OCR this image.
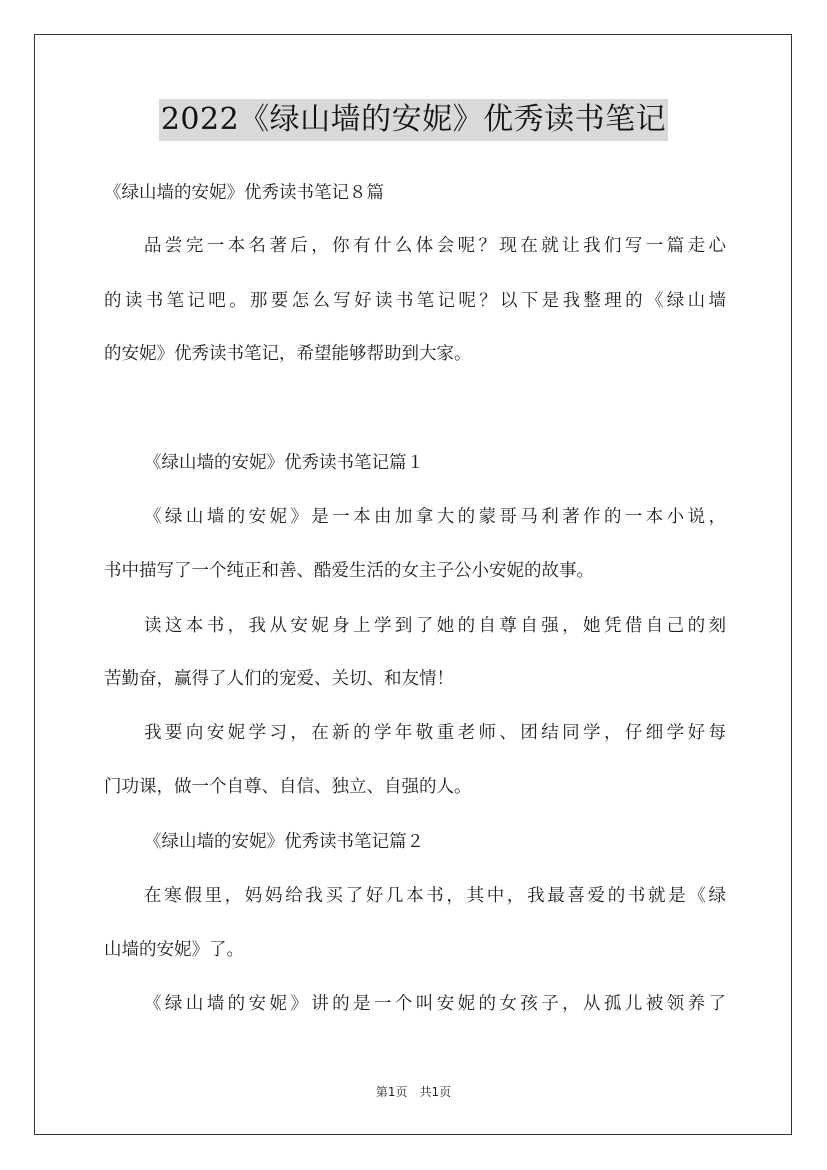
2022《绿山墙的安妮》优秀读书笔记
《绿山墙的安妮》优秀读书笔记８篇
品尝完一本名著后，你有什么体会呢？现在就让我们写一篇走心
的读书笔记吧。那要怎么写好读书笔记呢？以下是我整理的《绿山墙
的安妮》优秀读书笔记，希望能够帮助到大家。
《绿山墙的安妮》优秀读书笔记篇１
《绿山墙的安妮》是一本由加拿大的蒙哥马利著作的一本小说，
书中描写了一个纯正和善、酷爱生活的女主子公小安妮的故事。
读这本书，我从安妮身上学到了她的自尊自强，她凭借自己的刻
苦勤奋，赢得了人们的宠爱、关切、和友情！
我要向安妮学习，在新的学年敬重老师、团结同学，仔细学好每
门功课，做一个自尊、自信、独立、自强的人。
《绿山墙的安妮》优秀读书笔记篇２
在寒假里，妈妈给我买了好几本书，其中，我最喜爱的书就是《绿
山墙的安妮》了。
《绿山墙的安妮》讲的是一个叫安妮的女孩子，从孤儿被领养了
第1页　共1页
